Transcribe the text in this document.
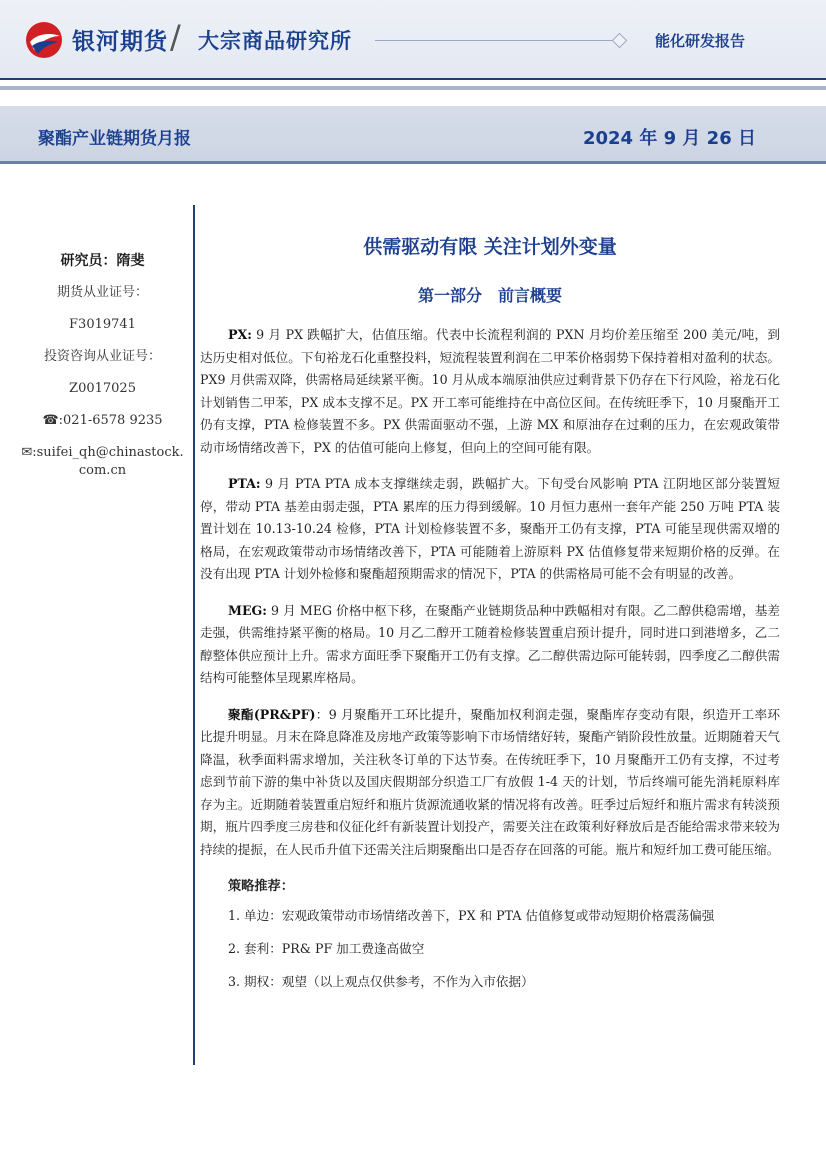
银河期货 / 大宗商品研究所	能化研发报告
聚酯产业链期货月报	2024 年 9 月 26 日
研究员：隋斐
期货从业证号：
F3019741
投资咨询从业证号：
Z0017025
☎:021-6578 9235
✉:suifei_qh@chinastock.com.cn
供需驱动有限 关注计划外变量
第一部分　前言概要

PX: 9 月 PX 跌幅扩大，估值压缩。代表中长流程利润的 PXN 月均价差压缩至 200 美元/吨，到达历史相对低位。下旬裕龙石化重整投料，短流程装置利润在二甲苯价格弱势下保持着相对盈利的状态。PX9 月供需双降，供需格局延续紧平衡。10 月从成本端原油供应过剩背景下仍存在下行风险，裕龙石化计划销售二甲苯，PX 成本支撑不足。PX 开工率可能维持在中高位区间。在传统旺季下，10 月聚酯开工仍有支撑，PTA 检修装置不多。PX 供需面驱动不强，上游 MX 和原油存在过剩的压力，在宏观政策带动市场情绪改善下，PX 的估值可能向上修复，但向上的空间可能有限。

PTA: 9 月 PTA PTA 成本支撑继续走弱，跌幅扩大。下旬受台风影响 PTA 江阴地区部分装置短停，带动 PTA 基差由弱走强，PTA 累库的压力得到缓解。10 月恒力惠州一套年产能 250 万吨 PTA 装置计划在 10.13-10.24 检修，PTA 计划检修装置不多，聚酯开工仍有支撑，PTA 可能呈现供需双增的格局，在宏观政策带动市场情绪改善下，PTA 可能随着上游原料 PX 估值修复带来短期价格的反弹。在没有出现 PTA 计划外检修和聚酯超预期需求的情况下，PTA 的供需格局可能不会有明显的改善。

MEG: 9 月 MEG 价格中枢下移，在聚酯产业链期货品种中跌幅相对有限。乙二醇供稳需增，基差走强，供需维持紧平衡的格局。10 月乙二醇开工随着检修装置重启预计提升，同时进口到港增多，乙二醇整体供应预计上升。需求方面旺季下聚酯开工仍有支撑。乙二醇供需边际可能转弱，四季度乙二醇供需结构可能整体呈现累库格局。

聚酯(PR&PF)：9 月聚酯开工环比提升，聚酯加权利润走强，聚酯库存变动有限，织造开工率环比提升明显。月末在降息降准及房地产政策等影响下市场情绪好转，聚酯产销阶段性放量。近期随着天气降温，秋季面料需求增加，关注秋冬订单的下达节奏。在传统旺季下，10 月聚酯开工仍有支撑，不过考虑到节前下游的集中补货以及国庆假期部分织造工厂有放假 1-4 天的计划，节后终端可能先消耗原料库存为主。近期随着装置重启短纤和瓶片货源流通收紧的情况将有改善。旺季过后短纤和瓶片需求有转淡预期，瓶片四季度三房巷和仪征化纤有新装置计划投产，需要关注在政策利好释放后是否能给需求带来较为持续的提振，在人民币升值下还需关注后期聚酯出口是否存在回落的可能。瓶片和短纤加工费可能压缩。

策略推荐：
1. 单边：宏观政策带动市场情绪改善下，PX 和 PTA 估值修复或带动短期价格震荡偏强
2. 套利：PR& PF 加工费逢高做空
3. 期权：观望（以上观点仅供参考，不作为入市依据）
